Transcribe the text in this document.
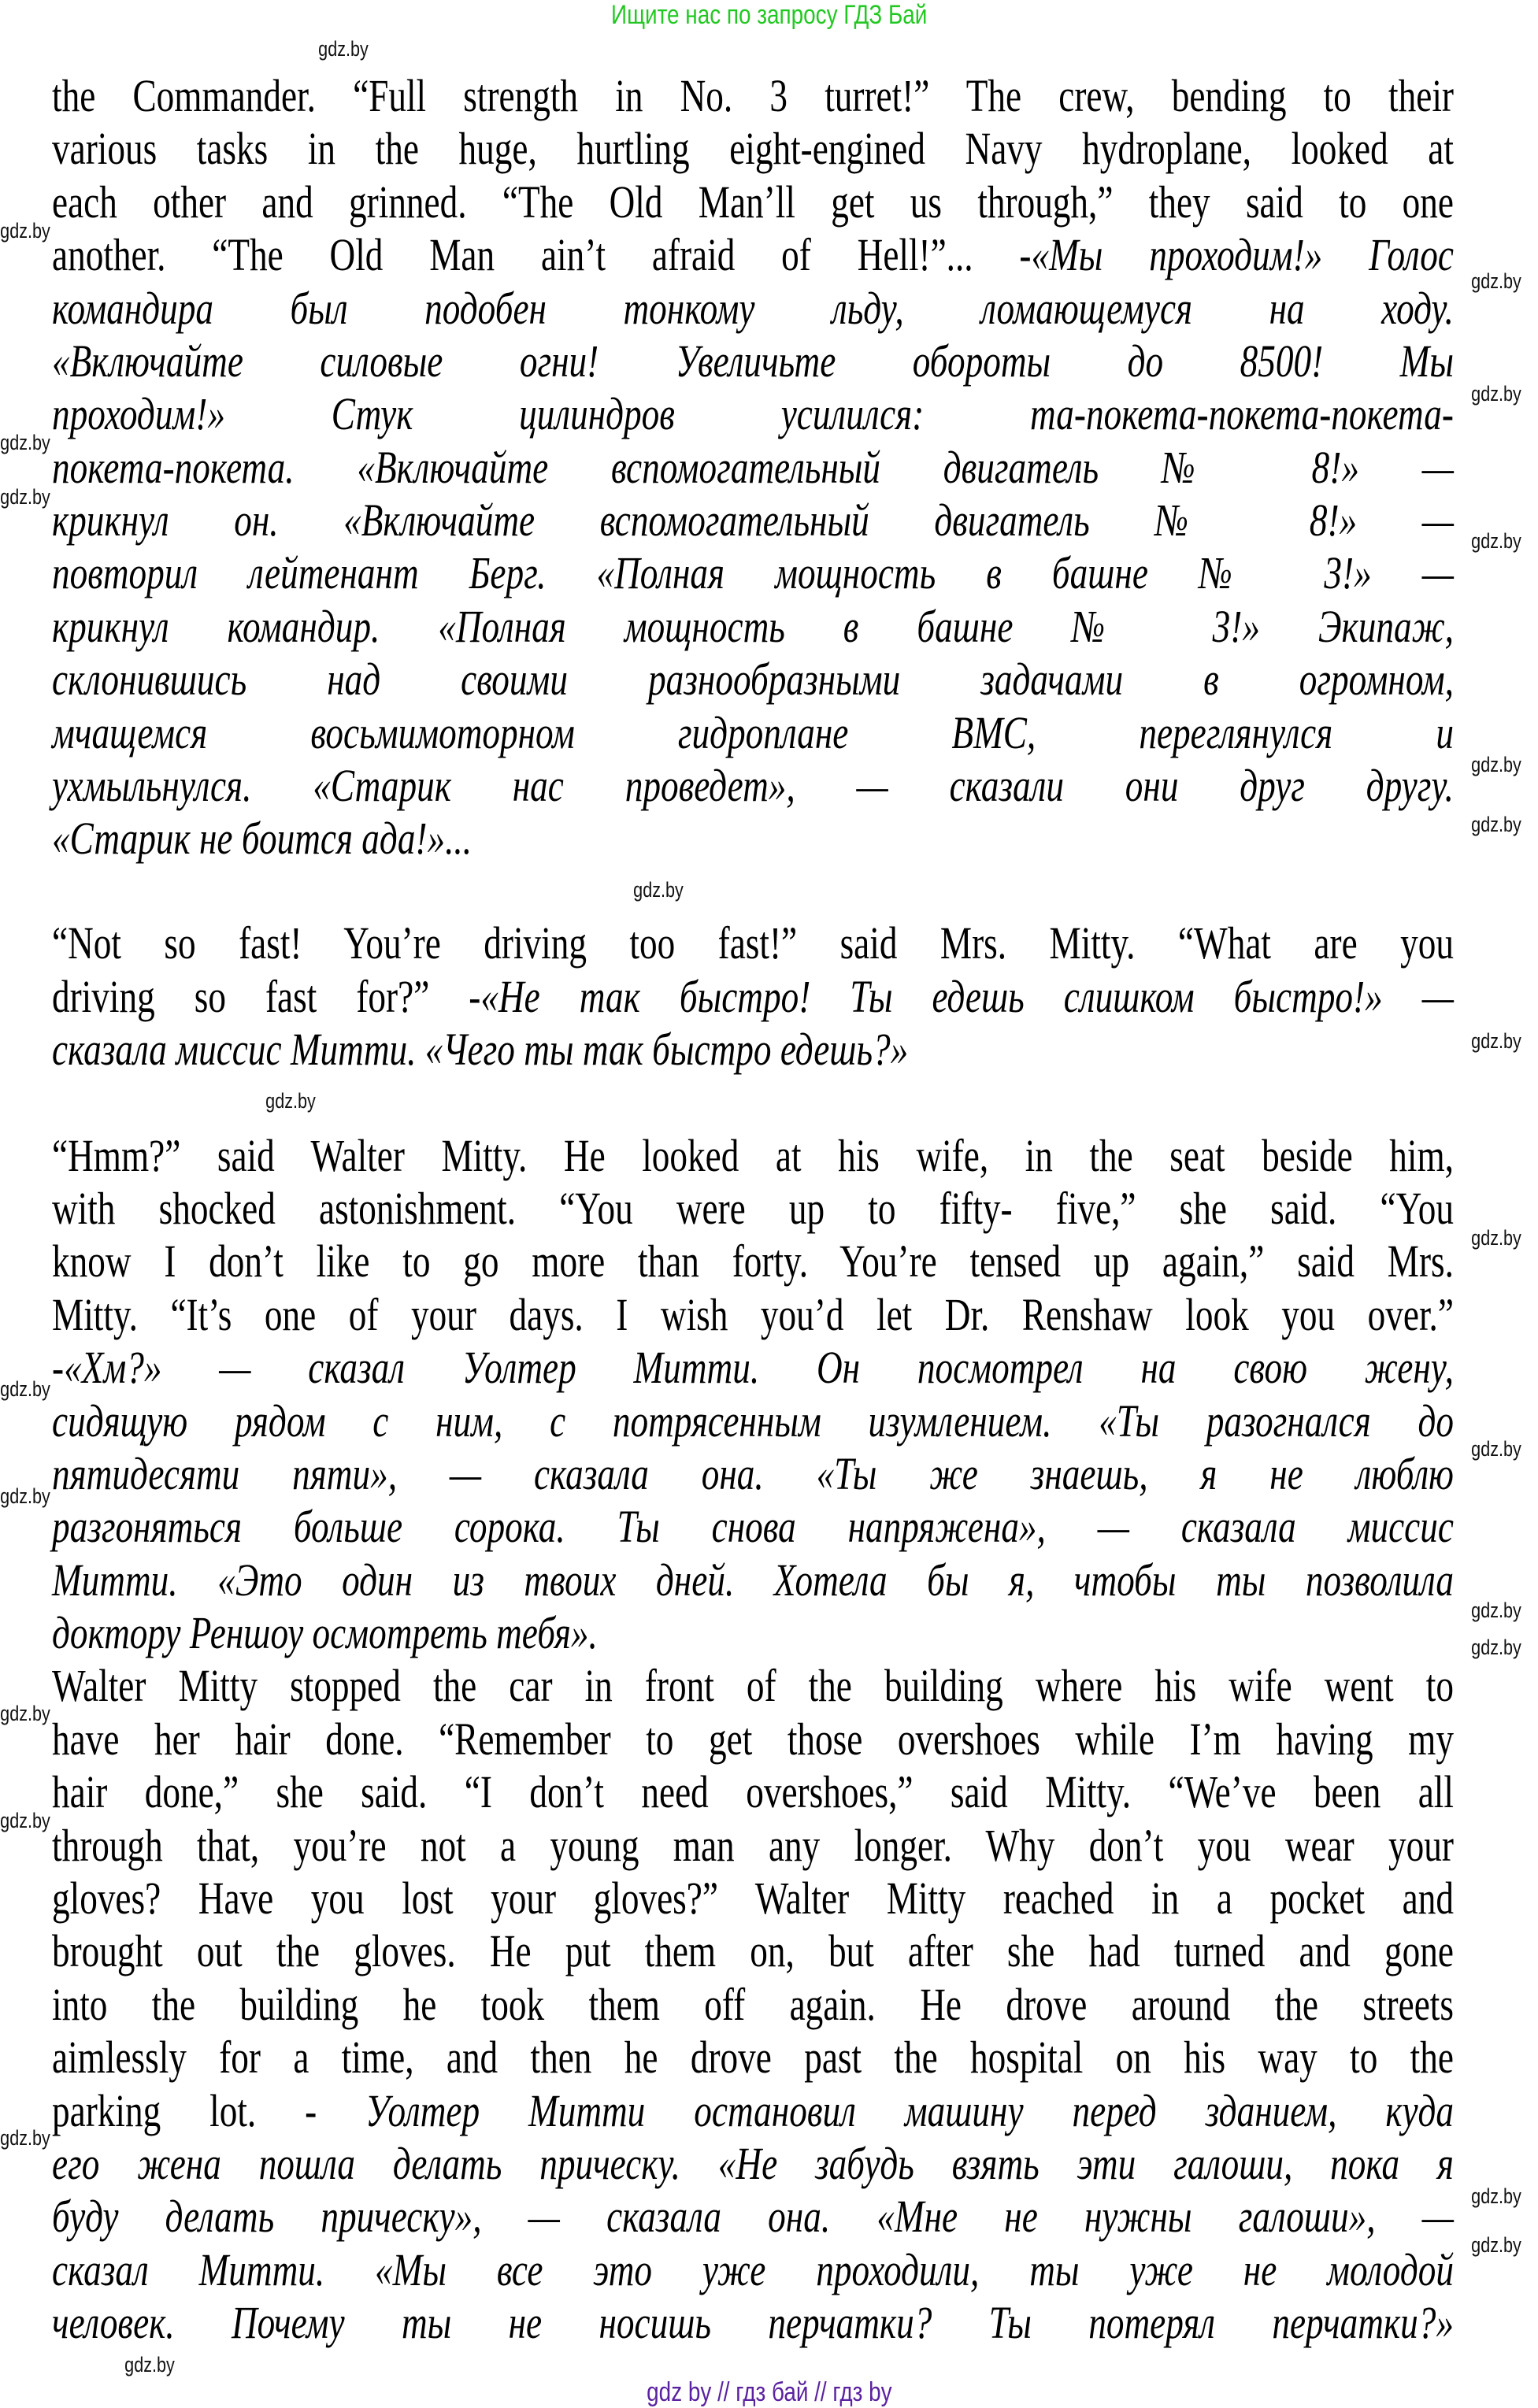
Ищите нас по запросу ГДЗ Бай
the Commander. “Full strength in No. 3 turret!” The crew, bending to their
various tasks in the huge, hurtling eight-engined Navy hydroplane, looked at
each other and grinned. “The Old Man’ll get us through,” they said to one
another. “The Old Man ain’t afraid of Hell!”... -«Мы проходим!» Голос
командира был подобен тонкому льду, ломающемуся на ходу.
«Включайте силовые огни! Увеличьте обороты до 8500! Мы
проходим!» Стук цилиндров усилился: та-покета-покета-покета-
покета-покета. «Включайте вспомогательный двигатель № 8!» —
крикнул он. «Включайте вспомогательный двигатель № 8!» —
повторил лейтенант Берг. «Полная мощность в башне № 3!» —
крикнул командир. «Полная мощность в башне № 3!» Экипаж,
склонившись над своими разнообразными задачами в огромном,
мчащемся восьмимоторном гидроплане ВМС, переглянулся и
ухмыльнулся. «Старик нас проведет», — сказали они друг другу.
«Старик не боится ада!»...
“Not so fast! You’re driving too fast!” said Mrs. Mitty. “What are you
driving so fast for?” -«Не так быстро! Ты едешь слишком быстро!» —
сказала миссис Митти. «Чего ты так быстро едешь?»
“Hmm?” said Walter Mitty. He looked at his wife, in the seat beside him,
with shocked astonishment. “You were up to fifty- five,” she said. “You
know I don’t like to go more than forty. You’re tensed up again,” said Mrs.
Mitty. “It’s one of your days. I wish you’d let Dr. Renshaw look you over.”
-«Хм?» — сказал Уолтер Митти. Он посмотрел на свою жену,
сидящую рядом с ним, с потрясенным изумлением. «Ты разогнался до
пятидесяти пяти», — сказала она. «Ты же знаешь, я не люблю
разгоняться больше сорока. Ты снова напряжена», — сказала миссис
Митти. «Это один из твоих дней. Хотела бы я, чтобы ты позволила
доктору Реншоу осмотреть тебя».
Walter Mitty stopped the car in front of the building where his wife went to
have her hair done. “Remember to get those overshoes while I’m having my
hair done,” she said. “I don’t need overshoes,” said Mitty. “We’ve been all
through that, you’re not a young man any longer. Why don’t you wear your
gloves? Have you lost your gloves?” Walter Mitty reached in a pocket and
brought out the gloves. He put them on, but after she had turned and gone
into the building he took them off again. He drove around the streets
aimlessly for a time, and then he drove past the hospital on his way to the
parking lot. - Уолтер Митти остановил машину перед зданием, куда
его жена пошла делать прическу. «Не забудь взять эти галоши, пока я
буду делать прическу», — сказала она. «Мне не нужны галоши», —
сказал Митти. «Мы все это уже проходили, ты уже не молодой
человек. Почему ты не носишь перчатки? Ты потерял перчатки?»
gdz.by
gdz.by
gdz.by
gdz.by
gdz.by
gdz.by
gdz.by
gdz.by
gdz.by
gdz.by
gdz.by
gdz.by
gdz.by
gdz.by
gdz.by
gdz.by
gdz.by
gdz.by
gdz.by
gdz.by
gdz.by
gdz.by
gdz.by
gdz.by
gdz by // гдз бай // гдз by
